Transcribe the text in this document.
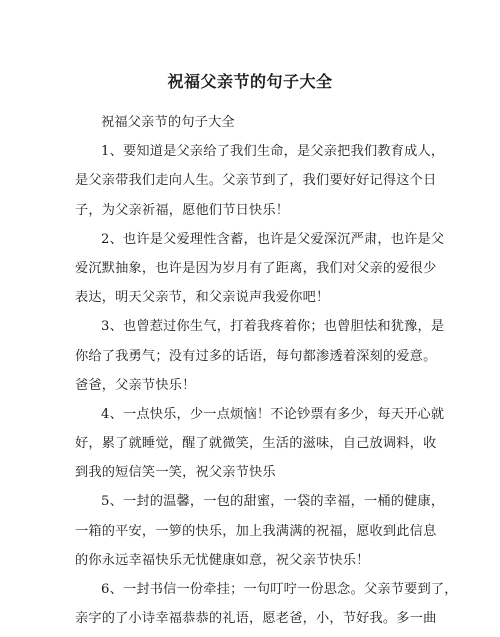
祝福父亲节的句子大全
祝福父亲节的句子大全
1、要知道是父亲给了我们生命，是父亲把我们教育成人，
是父亲带我们走向人生。父亲节到了，我们要好好记得这个日
子，为父亲祈福，愿他们节日快乐！
2、也许是父爱理性含蓄，也许是父爱深沉严肃，也许是父
爱沉默抽象，也许是因为岁月有了距离，我们对父亲的爱很少
表达，明天父亲节，和父亲说声我爱你吧！
3、也曾惹过你生气，打着我疼着你；也曾胆怯和犹豫，是
你给了我勇气；没有过多的话语，每句都渗透着深刻的爱意。
爸爸，父亲节快乐！
4、一点快乐，少一点烦恼！不论钞票有多少，每天开心就
好，累了就睡觉，醒了就微笑，生活的滋味，自己放调料，收
到我的短信笑一笑，祝父亲节快乐
5、一封的温馨，一包的甜蜜，一袋的幸福，一桶的健康，
一箱的平安，一箩的快乐，加上我满满的祝福，愿收到此信息
的你永远幸福快乐无忧健康如意，祝父亲节快乐！
6、一封书信一份牵挂；一句叮咛一份思念。父亲节要到了，
亲字的了小诗幸福恭恭的礼语，愿老爸，小，节好我。多一曲
